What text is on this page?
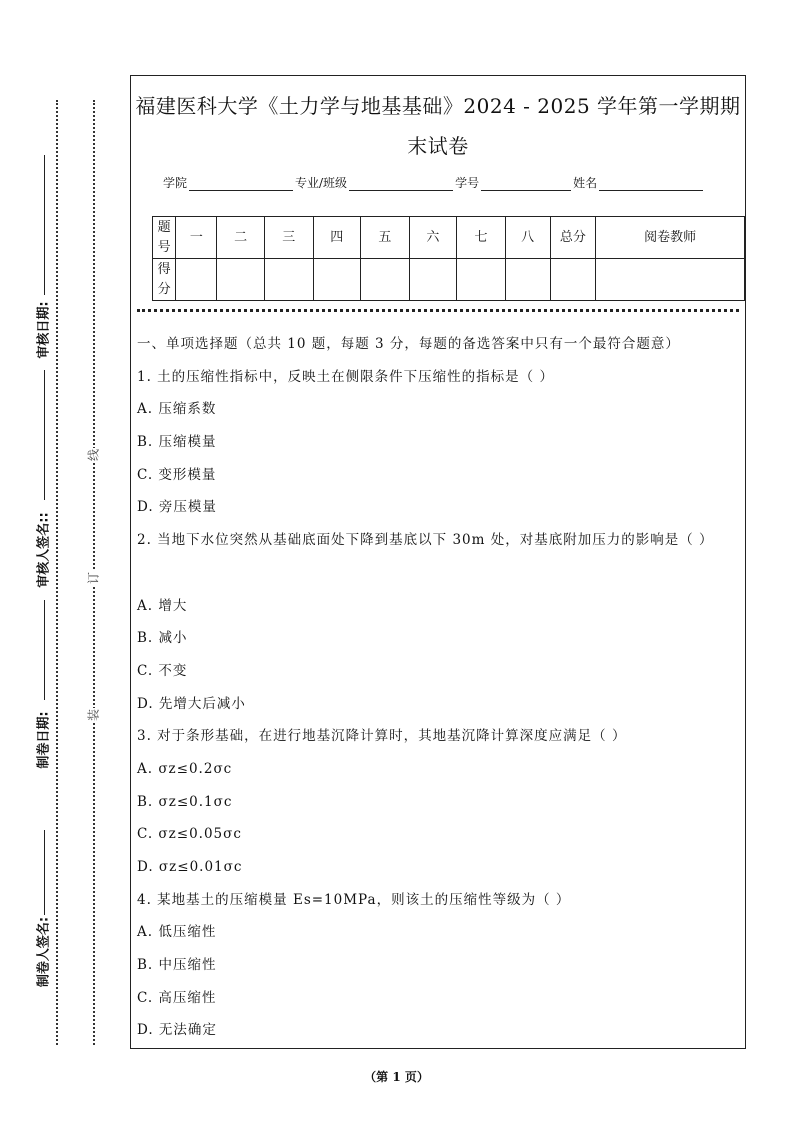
审核日期:
审核人签名::
制卷日期:
制卷人签名:
线
订
装
福建医科大学《土力学与地基基础》2024 - 2025 学年第一学期期
末试卷
学院	专业/班级	学号	姓名
题号	一	二	三	四	五	六	七	八	总分	阅卷教师
得分										
一、单项选择题（总共 10 题，每题 3 分，每题的备选答案中只有一个最符合题意）
1. 土的压缩性指标中，反映土在侧限条件下压缩性的指标是（ ）
A. 压缩系数
B. 压缩模量
C. 变形模量
D. 旁压模量
2. 当地下水位突然从基础底面处下降到基底以下 30m 处，对基底附加压力的影响是（ ）
A. 增大
B. 减小
C. 不变
D. 先增大后减小
3. 对于条形基础，在进行地基沉降计算时，其地基沉降计算深度应满足（ ）
A. σz≤0.2σc
B. σz≤0.1σc
C. σz≤0.05σc
D. σz≤0.01σc
4. 某地基土的压缩模量 Es=10MPa，则该土的压缩性等级为（ ）
A. 低压缩性
B. 中压缩性
C. 高压缩性
D. 无法确定
（第 1 页）
